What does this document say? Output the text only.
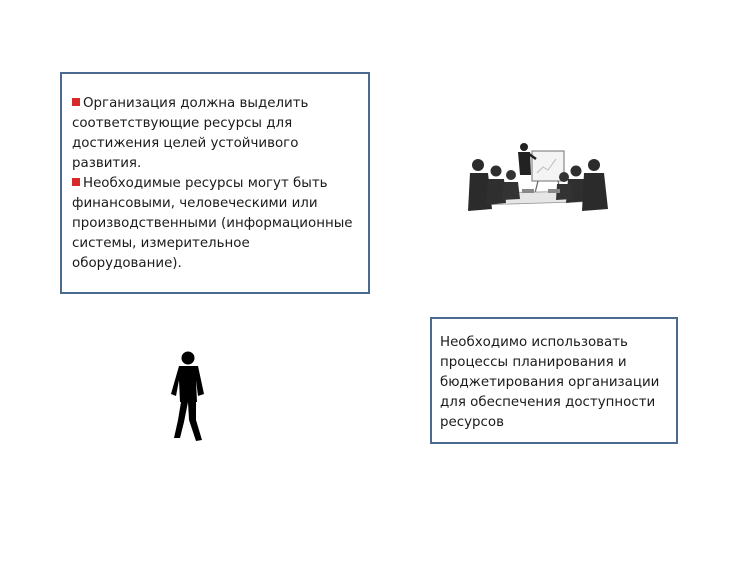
Организация должна выделить соответствующие ресурсы для достижения целей устойчивого развития.
Необходимые ресурсы могут быть финансовыми, человеческими или производственными (информационные системы, измерительное оборудование).
Необходимо использовать процессы планирования и бюджетирования организации для обеспечения доступности ресурсов
